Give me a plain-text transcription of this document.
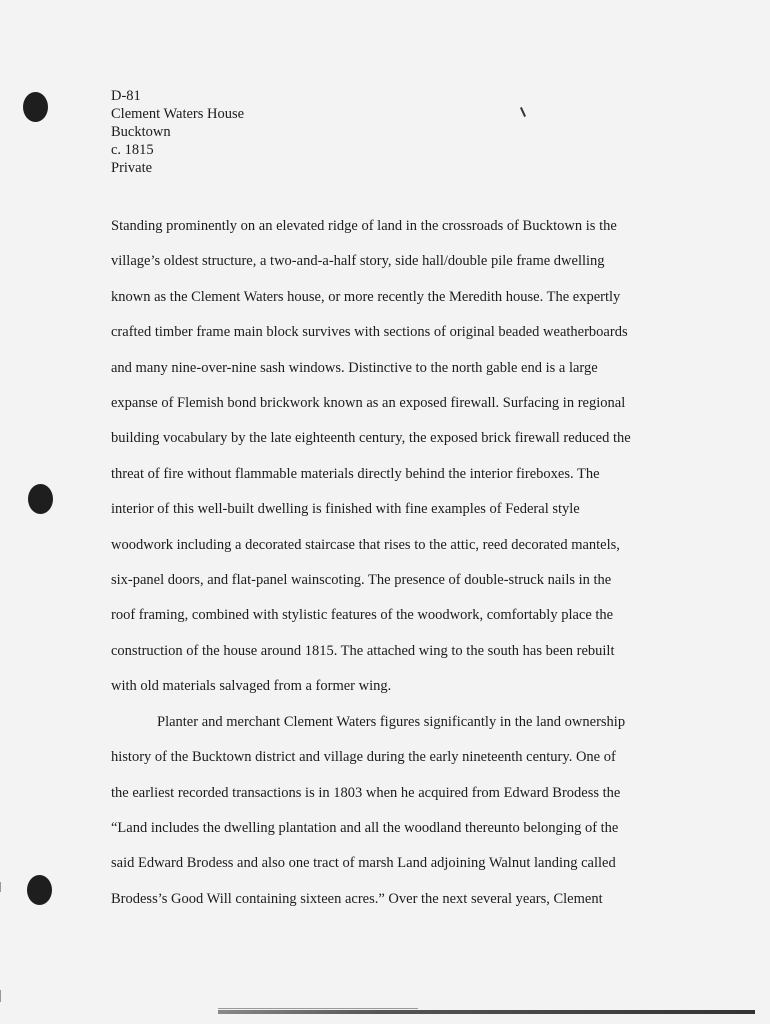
D-81
Clement Waters House
Bucktown
c. 1815
Private
Standing prominently on an elevated ridge of land in the crossroads of Bucktown is the
village’s oldest structure, a two-and-a-half story, side hall/double pile frame dwelling
known as the Clement Waters house, or more recently the Meredith house. The expertly
crafted timber frame main block survives with sections of original beaded weatherboards
and many nine-over-nine sash windows. Distinctive to the north gable end is a large
expanse of Flemish bond brickwork known as an exposed firewall. Surfacing in regional
building vocabulary by the late eighteenth century, the exposed brick firewall reduced the
threat of fire without flammable materials directly behind the interior fireboxes. The
interior of this well-built dwelling is finished with fine examples of Federal style
woodwork including a decorated staircase that rises to the attic, reed decorated mantels,
six-panel doors, and flat-panel wainscoting. The presence of double-struck nails in the
roof framing, combined with stylistic features of the woodwork, comfortably place the
construction of the house around 1815. The attached wing to the south has been rebuilt
with old materials salvaged from a former wing.
Planter and merchant Clement Waters figures significantly in the land ownership
history of the Bucktown district and village during the early nineteenth century. One of
the earliest recorded transactions is in 1803 when he acquired from Edward Brodess the
“Land includes the dwelling plantation and all the woodland thereunto belonging of the
said Edward Brodess and also one tract of marsh Land adjoining Walnut landing called
Brodess’s Good Will containing sixteen acres.” Over the next several years, Clement
